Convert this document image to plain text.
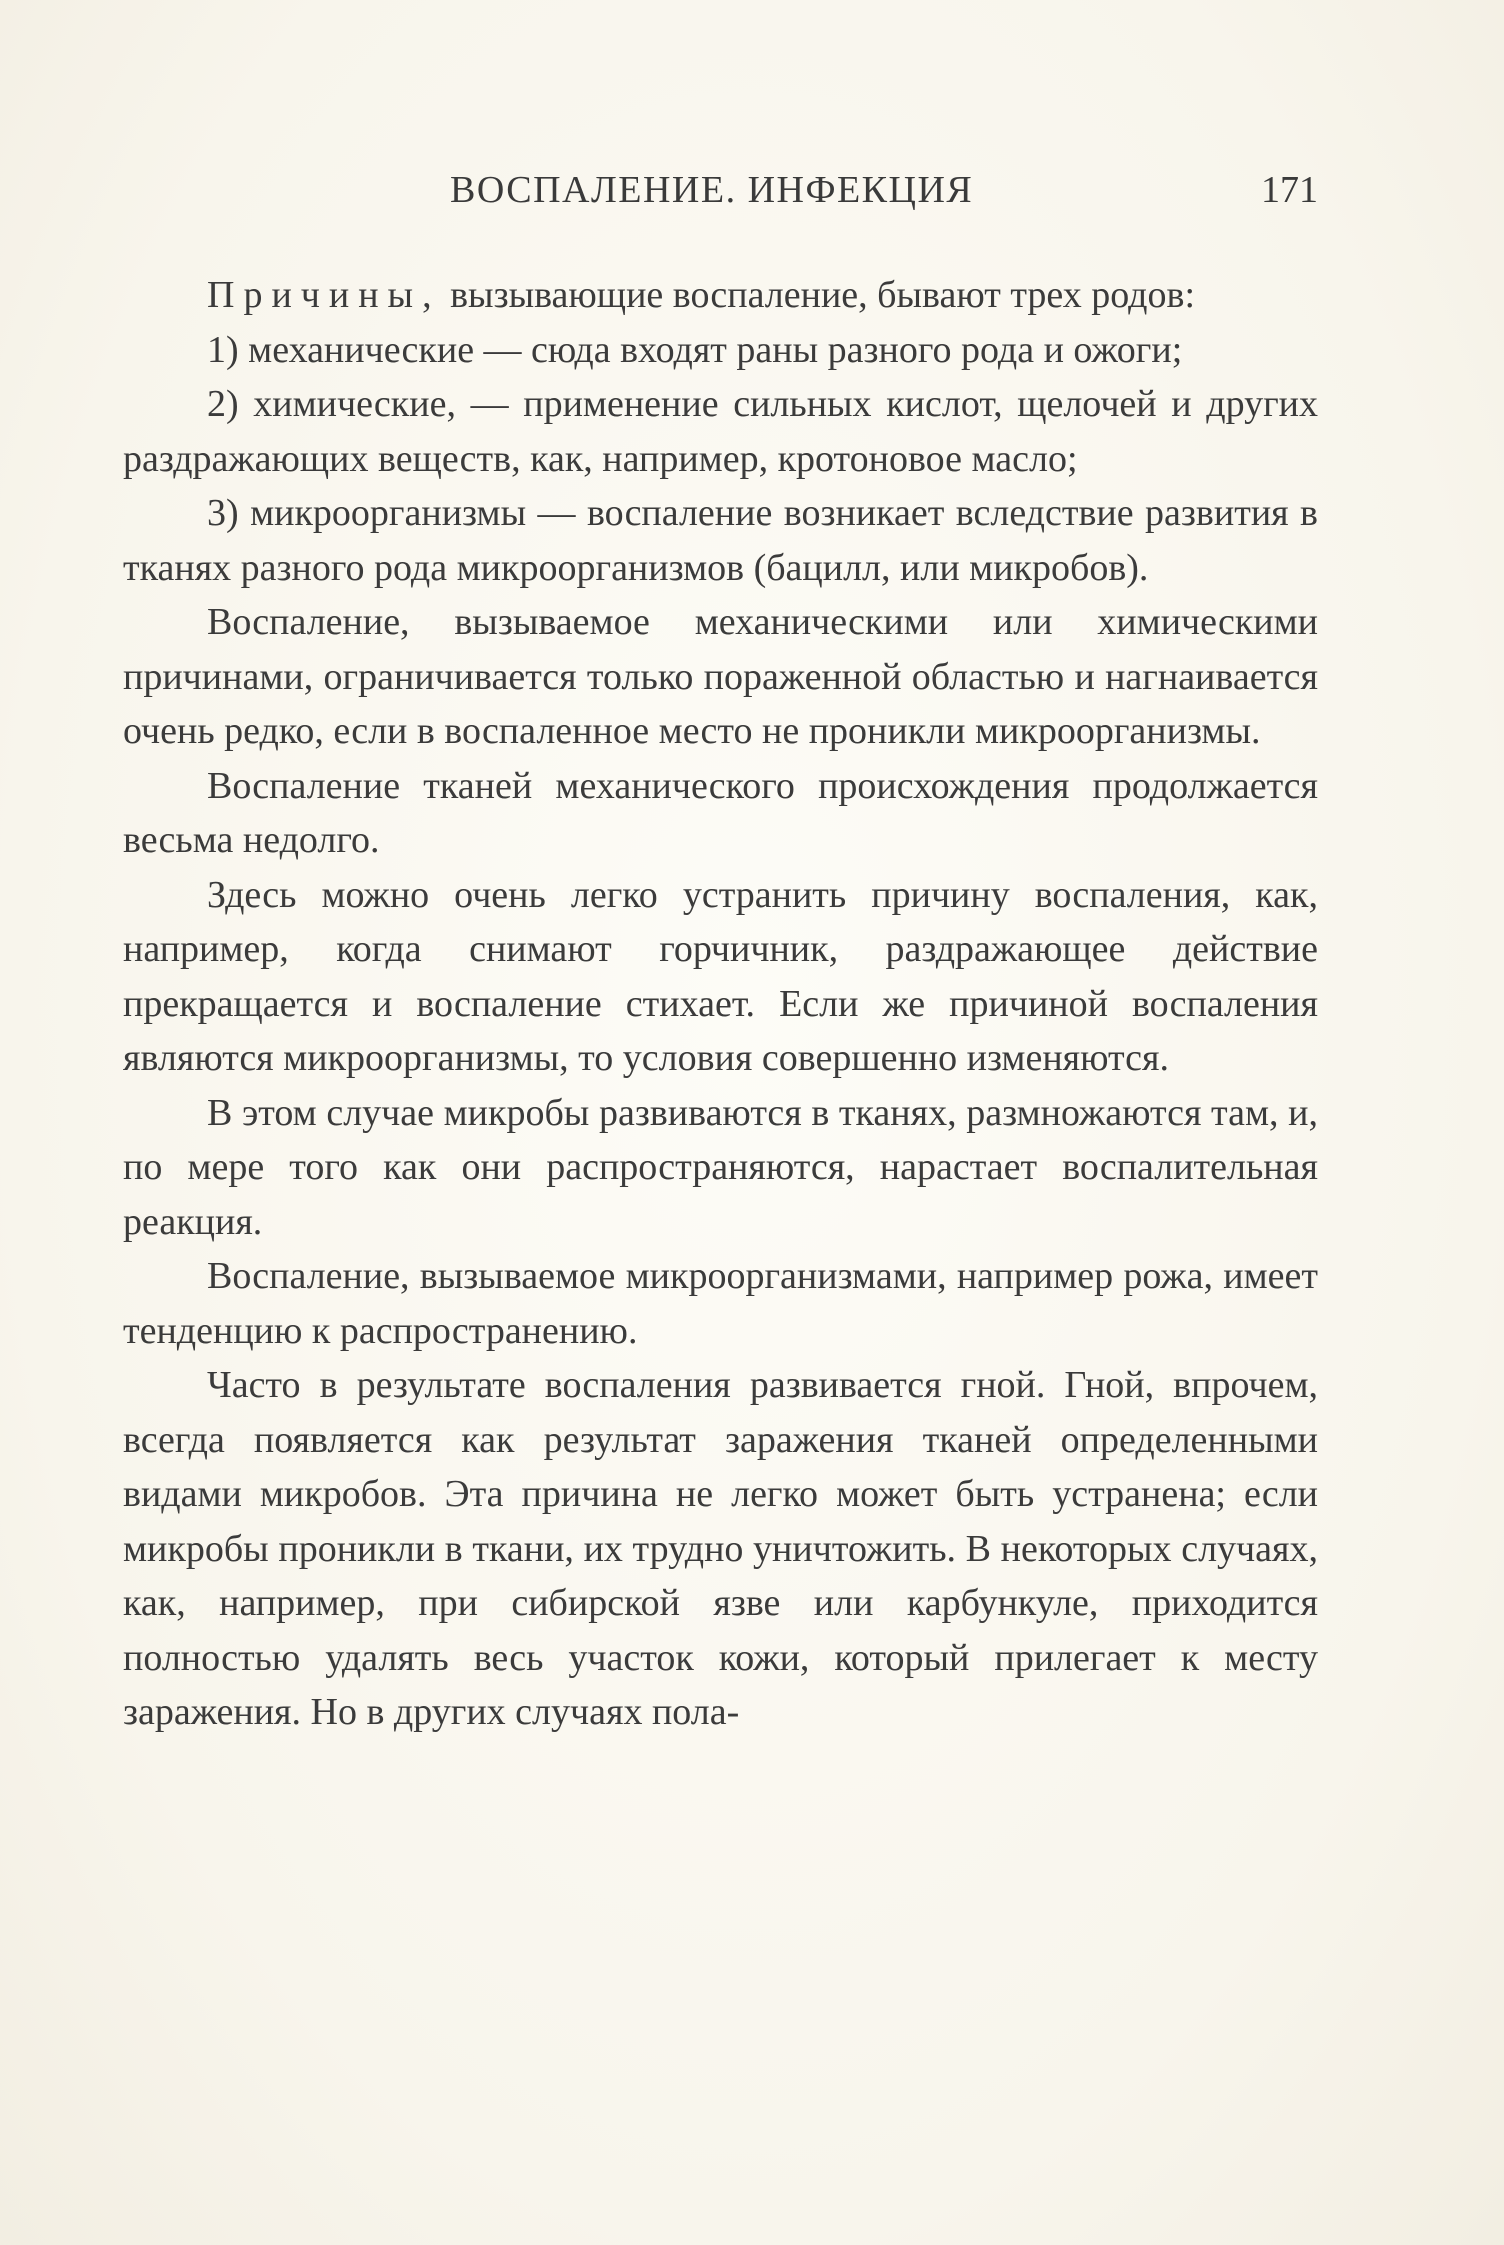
ВОСПАЛЕНИЕ. ИНФЕКЦИЯ	171

Причины, вызывающие воспаление, бывают трех родов:

1) механические — сюда входят раны разного рода и ожоги;

2) химические, — применение сильных кислот, щелочей и других раздражающих веществ, как, например, кротоновое масло;

3) микроорганизмы — воспаление возникает вследствие развития в тканях разного рода микроорганизмов (бацилл, или микробов).

Воспаление, вызываемое механическими или химическими причинами, ограничивается только пораженной областью и нагнаивается очень редко, если в воспаленное место не проникли микроорганизмы.

Воспаление тканей механического происхождения продолжается весьма недолго.

Здесь можно очень легко устранить причину воспаления, как, например, когда снимают горчичник, раздражающее действие прекращается и воспаление стихает. Если же причиной воспаления являются микроорганизмы, то условия совершенно изменяются.

В этом случае микробы развиваются в тканях, размножаются там, и, по мере того как они распространяются, нарастает воспалительная реакция.

Воспаление, вызываемое микроорганизмами, например рожа, имеет тенденцию к распространению.

Часто в результате воспаления развивается гной. Гной, впрочем, всегда появляется как результат заражения тканей определенными видами микробов. Эта причина не легко может быть устранена; если микробы проникли в ткани, их трудно уничтожить. В некоторых случаях, как, например, при сибирской язве или карбункуле, приходится полностью удалять весь участок кожи, который прилегает к месту заражения. Но в других случаях пола-
